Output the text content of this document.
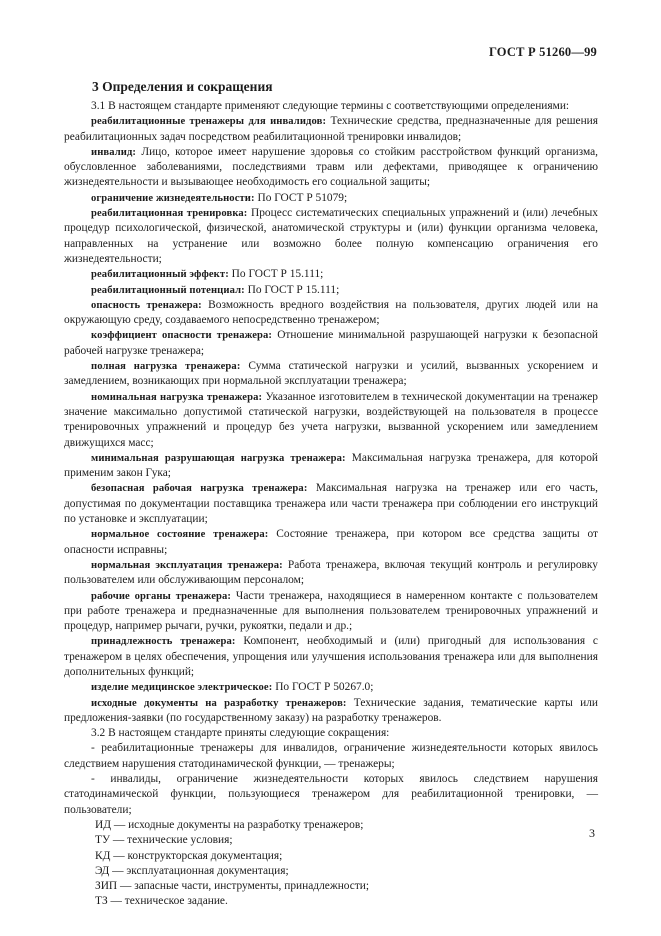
ГОСТ Р 51260—99
3 Определения и сокращения

3.1 В настоящем стандарте применяют следующие термины с соответствующими определениями:

реабилитационные тренажеры для инвалидов: Технические средства, предназначенные для решения реабилитационных задач посредством реабилитационной тренировки инвалидов;

инвалид: Лицо, которое имеет нарушение здоровья со стойким расстройством функций организма, обусловленное заболеваниями, последствиями травм или дефектами, приводящее к ограничению жизнедеятельности и вызывающее необходимость его социальной защиты;

ограничение жизнедеятельности: По ГОСТ Р 51079;

реабилитационная тренировка: Процесс систематических специальных упражнений и (или) лечебных процедур психологической, физической, анатомической структуры и (или) функции организма человека, направленных на устранение или возможно более полную компенсацию ограничения его жизнедеятельности;

реабилитационный эффект: По ГОСТ Р 15.111;

реабилитационный потенциал: По ГОСТ Р 15.111;

опасность тренажера: Возможность вредного воздействия на пользователя, других людей или на окружающую среду, создаваемого непосредственно тренажером;

коэффициент опасности тренажера: Отношение минимальной разрушающей нагрузки к безопасной рабочей нагрузке тренажера;

полная нагрузка тренажера: Сумма статической нагрузки и усилий, вызванных ускорением и замедлением, возникающих при нормальной эксплуатации тренажера;

номинальная нагрузка тренажера: Указанное изготовителем в технической документации на тренажер значение максимально допустимой статической нагрузки, воздействующей на пользователя в процессе тренировочных упражнений и процедур без учета нагрузки, вызванной ускорением или замедлением движущихся масс;

минимальная разрушающая нагрузка тренажера: Максимальная нагрузка тренажера, для которой применим закон Гука;

безопасная рабочая нагрузка тренажера: Максимальная нагрузка на тренажер или его часть, допустимая по документации поставщика тренажера или части тренажера при соблюдении его инструкций по установке и эксплуатации;

нормальное состояние тренажера: Состояние тренажера, при котором все средства защиты от опасности исправны;

нормальная эксплуатация тренажера: Работа тренажера, включая текущий контроль и регулировку пользователем или обслуживающим персоналом;

рабочие органы тренажера: Части тренажера, находящиеся в намеренном контакте с пользователем при работе тренажера и предназначенные для выполнения пользователем тренировочных упражнений и процедур, например рычаги, ручки, рукоятки, педали и др.;

принадлежность тренажера: Компонент, необходимый и (или) пригодный для использования с тренажером в целях обеспечения, упрощения или улучшения использования тренажера или для выполнения дополнительных функций;

изделие медицинское электрическое: По ГОСТ Р 50267.0;

исходные документы на разработку тренажеров: Технические задания, тематические карты или предложения-заявки (по государственному заказу) на разработку тренажеров.

3.2 В настоящем стандарте приняты следующие сокращения:

- реабилитационные тренажеры для инвалидов, ограничение жизнедеятельности которых явилось следствием нарушения статодинамической функции, — тренажеры;

- инвалиды, ограничение жизнедеятельности которых явилось следствием нарушения статодинамической функции, пользующиеся тренажером для реабилитационной тренировки, — пользователи;

ИД — исходные документы на разработку тренажеров;

ТУ — технические условия;

КД — конструкторская документация;

ЭД — эксплуатационная документация;

ЗИП — запасные части, инструменты, принадлежности;

ТЗ — техническое задание.

3
